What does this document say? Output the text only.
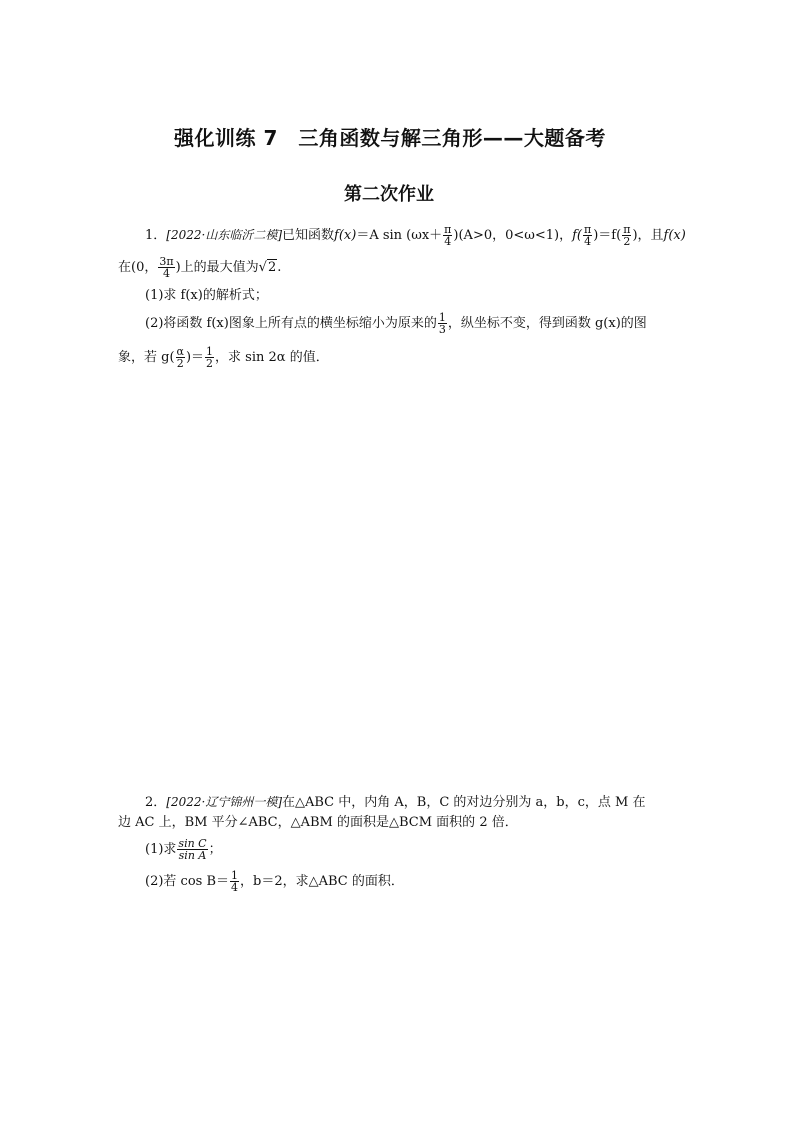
强化训练 7　三角函数与解三角形——大题备考
第二次作业
1．[2022·山东临沂二模]已知函数f(x)＝A $\sin (\omega x+ \frac{\pi}{4} )(A>0$，0<ω<1)，$f( \frac{\pi}{4} )=f( \frac{\pi}{2}$ )，且f(x)
在(0， $\frac{3\pi}{4}$ )上的最大值为√2.
(1)求 f(x)的解析式；
(2)将函数 f(x)图象上所有点的横坐标缩小为原来的 $\frac{1}{3}$ ，纵坐标不变，得到函数 g(x)的图
象，若 $g( \frac{\alpha}{2}$ )＝ $\frac{1}{2}$ ，求 sin 2α 的值．
2．[2022·辽宁锦州一模]在△ABC 中，内角 A，B，C 的对边分别为 a，b，c，点 M 在
边 AC 上，BM 平分∠ABC，△ABM 的面积是△BCM 面积的 2 倍．
(1)求 $\frac{\text{sin C}}{\text{sin A}}$ ；
(2)若 $\cos B= \frac{1}{4}$ ，b＝2，求△ABC 的面积．
